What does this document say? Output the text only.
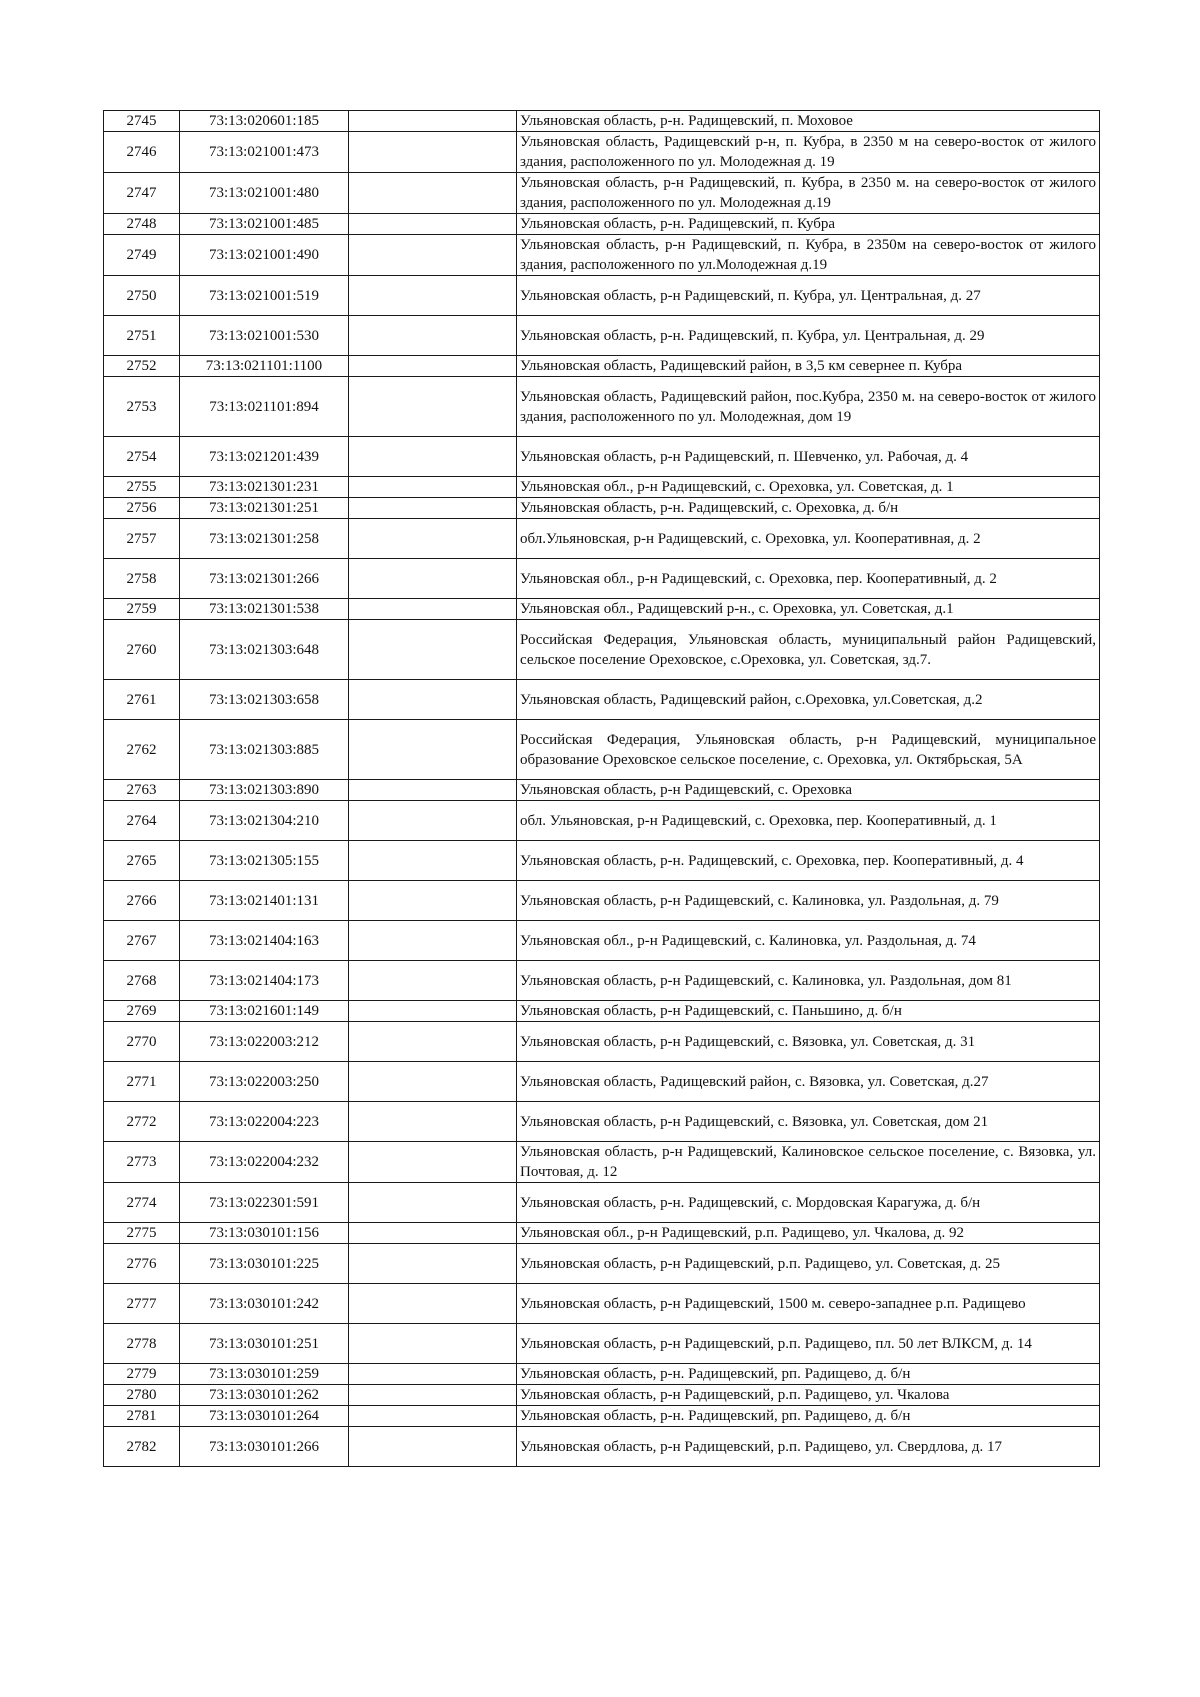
2745	73:13:020601:185		Ульяновская область, р-н. Радищевский, п. Моховое
2746	73:13:021001:473		Ульяновская область, Радищевский р-н, п. Кубра, в 2350 м на северо-восток от жилого здания, расположенного по ул. Молодежная д. 19
2747	73:13:021001:480		Ульяновская область, р-н Радищевский, п. Кубра, в 2350 м. на северо-восток от жилого здания, расположенного по ул. Молодежная д.19
2748	73:13:021001:485		Ульяновская область, р-н. Радищевский, п. Кубра
2749	73:13:021001:490		Ульяновская область, р-н Радищевский, п. Кубра, в 2350м на северо-восток от жилого здания, расположенного по ул.Молодежная д.19
2750	73:13:021001:519		Ульяновская область, р-н Радищевский, п. Кубра, ул. Центральная, д. 27
2751	73:13:021001:530		Ульяновская область, р-н. Радищевский, п. Кубра, ул. Центральная, д. 29
2752	73:13:021101:1100		Ульяновская область, Радищевский район, в 3,5 км севернее п. Кубра
2753	73:13:021101:894		Ульяновская область, Радищевский район, пос.Кубра, 2350 м. на северо-восток от жилого здания, расположенного по ул. Молодежная, дом 19
2754	73:13:021201:439		Ульяновская область, р-н Радищевский, п. Шевченко, ул. Рабочая, д. 4
2755	73:13:021301:231		Ульяновская обл., р-н Радищевский, с. Ореховка, ул. Советская, д. 1
2756	73:13:021301:251		Ульяновская область, р-н. Радищевский, с. Ореховка, д. б/н
2757	73:13:021301:258		обл.Ульяновская, р-н Радищевский, с. Ореховка, ул. Кооперативная, д. 2
2758	73:13:021301:266		Ульяновская обл., р-н Радищевский, с. Ореховка, пер. Кооперативный, д. 2
2759	73:13:021301:538		Ульяновская обл., Радищевский р-н., с. Ореховка, ул. Советская, д.1
2760	73:13:021303:648		Российская Федерация, Ульяновская область, муниципальный район Радищевский, сельское поселение Ореховское, с.Ореховка, ул. Советская, зд.7.
2761	73:13:021303:658		Ульяновская область, Радищевский район, с.Ореховка, ул.Советская, д.2
2762	73:13:021303:885		Российская Федерация, Ульяновская область, р-н Радищевский, муниципальное образование Ореховское сельское поселение, с. Ореховка, ул. Октябрьская, 5А
2763	73:13:021303:890		Ульяновская область, р-н Радищевский, с. Ореховка
2764	73:13:021304:210		обл. Ульяновская, р-н Радищевский, с. Ореховка, пер. Кооперативный, д. 1
2765	73:13:021305:155		Ульяновская область, р-н. Радищевский, с. Ореховка, пер. Кооперативный, д. 4
2766	73:13:021401:131		Ульяновская область, р-н Радищевский, с. Калиновка, ул. Раздольная, д. 79
2767	73:13:021404:163		Ульяновская обл., р-н Радищевский, с. Калиновка, ул. Раздольная, д. 74
2768	73:13:021404:173		Ульяновская область, р-н Радищевский, с. Калиновка, ул. Раздольная, дом 81
2769	73:13:021601:149		Ульяновская область, р-н Радищевский, с. Паньшино, д. б/н
2770	73:13:022003:212		Ульяновская область, р-н Радищевский, с. Вязовка, ул. Советская, д. 31
2771	73:13:022003:250		Ульяновская область, Радищевский район, с. Вязовка, ул. Советская, д.27
2772	73:13:022004:223		Ульяновская область, р-н Радищевский, с. Вязовка, ул. Советская, дом 21
2773	73:13:022004:232		Ульяновская область, р-н Радищевский, Калиновское сельское поселение, с. Вязовка, ул. Почтовая, д. 12
2774	73:13:022301:591		Ульяновская область, р-н. Радищевский, с. Мордовская Карагужа, д. б/н
2775	73:13:030101:156		Ульяновская обл., р-н Радищевский, р.п. Радищево, ул. Чкалова, д. 92
2776	73:13:030101:225		Ульяновская область, р-н Радищевский, р.п. Радищево, ул. Советская, д. 25
2777	73:13:030101:242		Ульяновская область, р-н Радищевский, 1500 м. северо-западнее р.п. Радищево
2778	73:13:030101:251		Ульяновская область, р-н Радищевский, р.п. Радищево, пл. 50 лет ВЛКСМ, д. 14
2779	73:13:030101:259		Ульяновская область, р-н. Радищевский, рп. Радищево, д. б/н
2780	73:13:030101:262		Ульяновская область, р-н Радищевский, р.п. Радищево, ул. Чкалова
2781	73:13:030101:264		Ульяновская область, р-н. Радищевский, рп. Радищево, д. б/н
2782	73:13:030101:266		Ульяновская область, р-н Радищевский, р.п. Радищево, ул. Свердлова, д. 17
